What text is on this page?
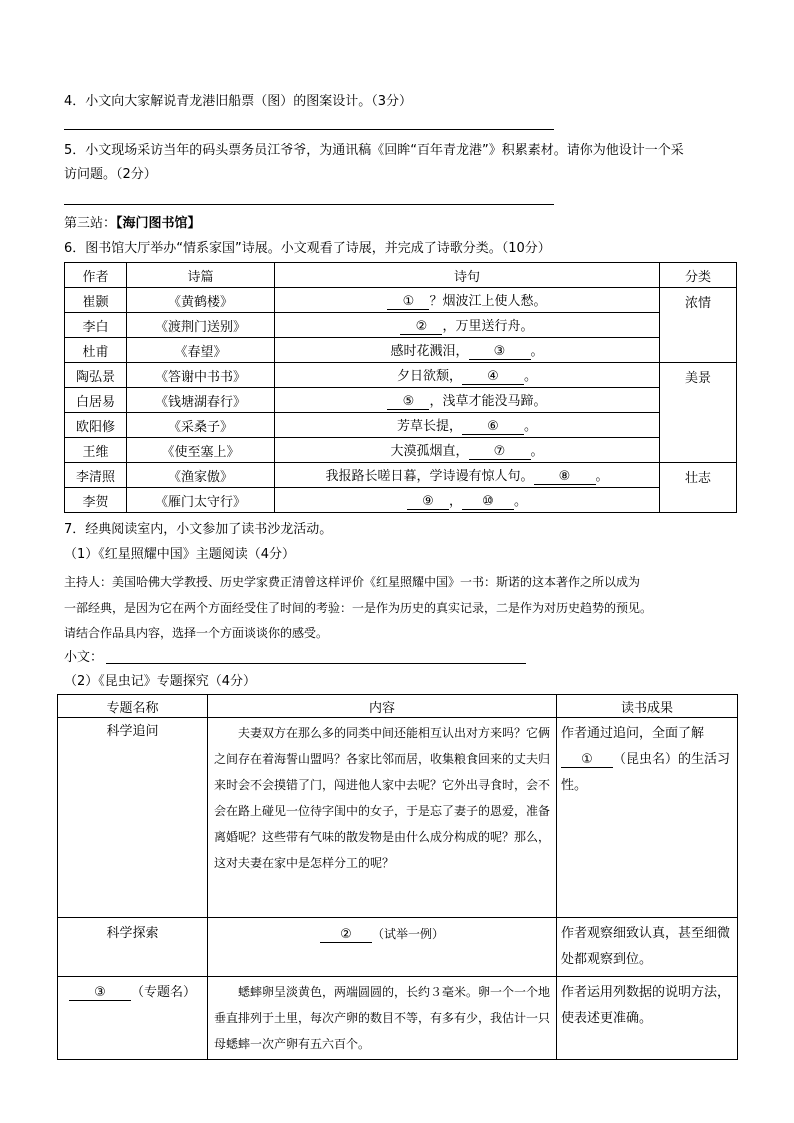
4．小文向大家解说青龙港旧船票（图）的图案设计。（3分）
5．小文现场采访当年的码头票务员江爷爷，为通讯稿《回眸“百年青龙港”》积累素材。请你为他设计一个采
访问题。（2分）
第三站：【海门图书馆】
6．图书馆大厅举办“情系家国”诗展。小文观看了诗展，并完成了诗歌分类。（10分）
作者	诗篇	诗句	分类
崔颢	《黄鹤楼》	① ？烟波江上使人愁。	浓情
李白	《渡荆门送别》	② ，万里送行舟。	
杜甫	《春望》	感时花溅泪， ③ 。	
陶弘景	《答谢中书书》	夕日欲颓， ④ 。	美景
白居易	《钱塘湖春行》	⑤ ，浅草才能没马蹄。	
欧阳修	《采桑子》	芳草长提， ⑥ 。	
王维	《使至塞上》	大漠孤烟直， ⑦ 。	
李清照	《渔家傲》	我报路长嗟日暮，学诗谩有惊人句。 ⑧ 。	壮志
李贺	《雁门太守行》	⑨ ， ⑩ 。	
7．经典阅读室内，小文参加了读书沙龙活动。
（1）《红星照耀中国》主题阅读（4分）
主持人：美国哈佛大学教授、历史学家费正清曾这样评价《红星照耀中国》一书：斯诺的这本著作之所以成为
一部经典，是因为它在两个方面经受住了时间的考验：一是作为历史的真实记录，二是作为对历史趋势的预见。
请结合作品具内容，选择一个方面谈谈你的感受。
小文：
（2）《昆虫记》专题探究（4分）
专题名称	内容	读书成果
科学追问	夫妻双方在那么多的同类中间还能相互认出对方来吗？它俩之间存在着海誓山盟吗？各家比邻而居，收集粮食回来的丈夫归来时会不会摸错了门，闯进他人家中去呢？它外出寻食时，会不会在路上碰见一位待字闺中的女子，于是忘了妻子的恩爱，准备离婚呢？这些带有气味的散发物是由什么成分构成的呢？那么，这对夫妻在家中是怎样分工的呢？	作者通过追问，全面了解① （昆虫名）的生活习性。

科学探索	② （试举一例）	作者观察细致认真，甚至细微处都观察到位。

③ （专题名）	蟋蟀卵呈淡黄色，两端圆圆的，长约３毫米。卵一个一个地垂直排列于土里，每次产卵的数目不等，有多有少，我估计一只母蟋蟀一次产卵有五六百个。	作者运用列数据的说明方法，使表述更准确。
